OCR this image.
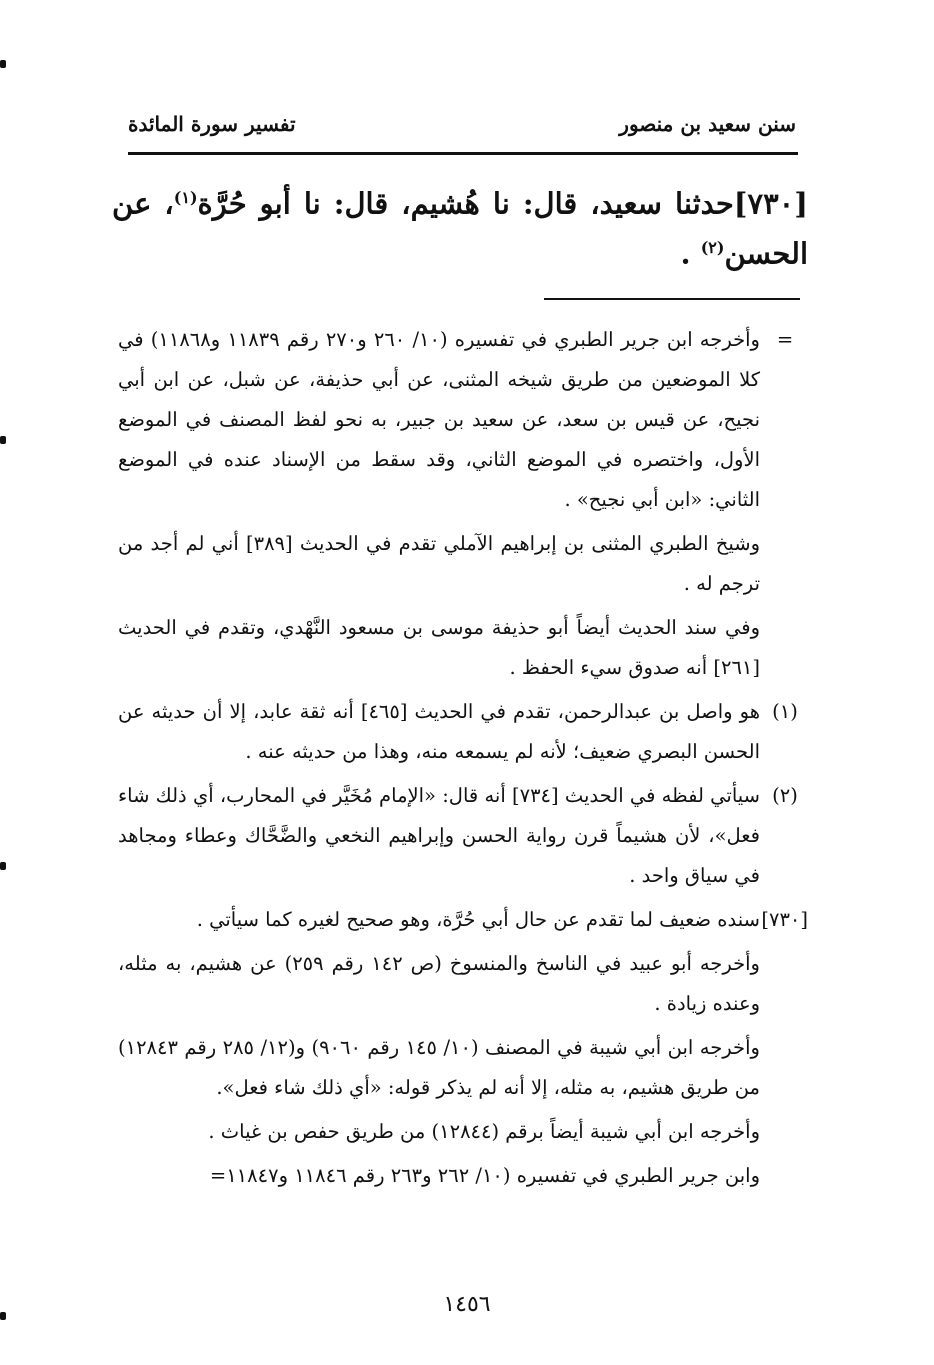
سنن سعيد بن منصور
تفسير سورة المائدة
[٧٣٠]حدثنا سعيد، قال: نا هُشيم، قال: نا أبو حُرَّة$^{(١)}$، عن الحسن$^{(٢)}$ .

=
وأخرجه ابن جرير الطبري في تفسيره (١٠/ ٢٦٠ و٢٧٠ رقم ١١٨٣٩ و١١٨٦٨) في كلا الموضعين من طريق شيخه المثنى، عن أبي حذيفة، عن شبل، عن ابن أبي نجيح، عن قيس بن سعد، عن سعيد بن جبير، به نحو لفظ المصنف في الموضع الأول، واختصره في الموضع الثاني، وقد سقط من الإسناد عنده في الموضع الثاني: «ابن أبي نجيح» .

وشيخ الطبري المثنى بن إبراهيم الآملي تقدم في الحديث [٣٨٩] أني لم أجد من ترجم له .

وفي سند الحديث أيضاً أبو حذيفة موسى بن مسعود النَّهْدي، وتقدم في الحديث [٢٦١] أنه صدوق سيء الحفظ .

(١)
هو واصل بن عبدالرحمن، تقدم في الحديث [٤٦٥] أنه ثقة عابد، إلا أن حديثه عن الحسن البصري ضعيف؛ لأنه لم يسمعه منه، وهذا من حديثه عنه .

(٢)
سيأتي لفظه في الحديث [٧٣٤] أنه قال: «الإمام مُخَيَّر في المحارب، أي ذلك شاء فعل»، لأن هشيماً قرن رواية الحسن وإبراهيم النخعي والضَّحَّاك وعطاء ومجاهد في سياق واحد .

[٧٣٠]
سنده ضعيف لما تقدم عن حال أبي حُرَّة، وهو صحيح لغيره كما سيأتي .

وأخرجه أبو عبيد في الناسخ والمنسوخ (ص ١٤٢ رقم ٢٥٩) عن هشيم، به مثله، وعنده زيادة .

وأخرجه ابن أبي شيبة في المصنف (١٠/ ١٤٥ رقم ٩٠٦٠) و(١٢/ ٢٨٥ رقم ١٢٨٤٣) من طريق هشيم، به مثله، إلا أنه لم يذكر قوله: «أي ذلك شاء فعل».

وأخرجه ابن أبي شيبة أيضاً برقم (١٢٨٤٤) من طريق حفص بن غياث .

وابن جرير الطبري في تفسيره (١٠/ ٢٦٢ و٢٦٣ رقم ١١٨٤٦ و١١٨٤٧=

١٤٥٦
